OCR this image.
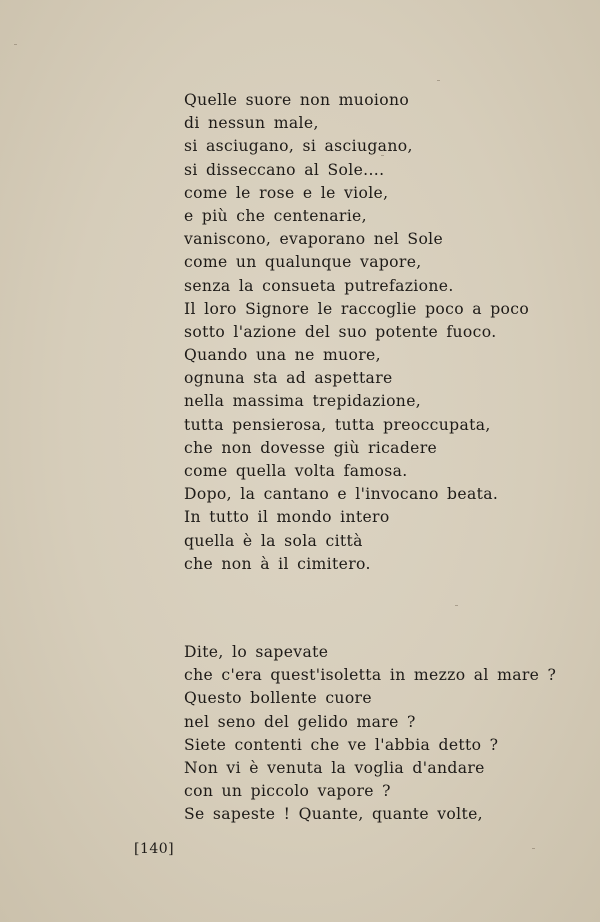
Quelle suore non muoiono
di nessun male,
si asciugano, si asciugano,
si disseccano al Sole....
come le rose e le viole,
e più che centenarie,
vaniscono, evaporano nel Sole
come un qualunque vapore,
senza la consueta putrefazione.
Il loro Signore le raccoglie poco a poco
sotto l'azione del suo potente fuoco.
Quando una ne muore,
ognuna sta ad aspettare
nella massima trepidazione,
tutta pensierosa, tutta preoccupata,
che non dovesse giù ricadere
come quella volta famosa.
Dopo, la cantano e l'invocano beata.
In tutto il mondo intero
quella è la sola città
che non à il cimitero.
Dite, lo sapevate
che c'era quest'isoletta in mezzo al mare ?
Questo bollente cuore
nel seno del gelido mare ?
Siete contenti che ve l'abbia detto ?
Non vi è venuta la voglia d'andare
con un piccolo vapore ?
Se sapeste ! Quante, quante volte,
[140]
